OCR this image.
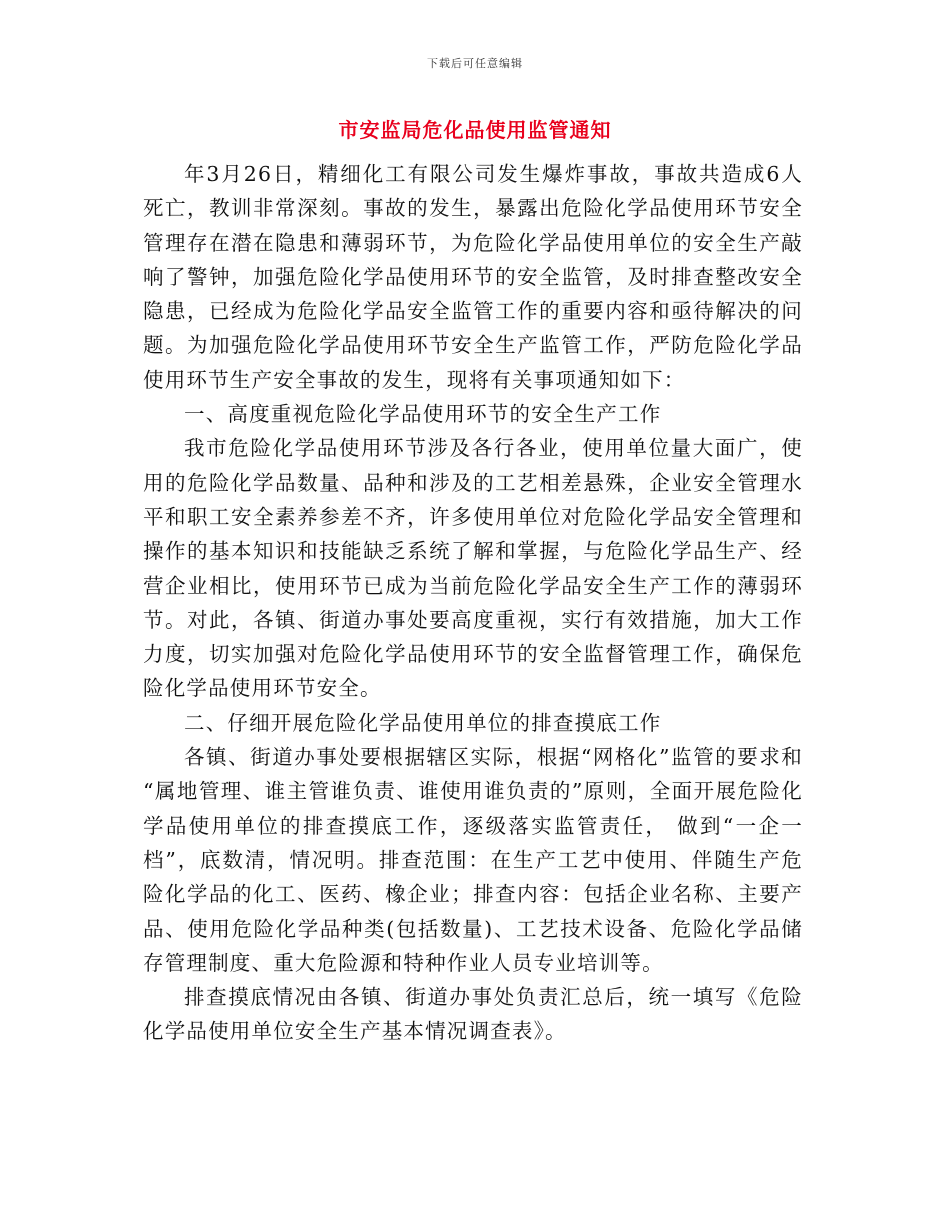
下载后可任意编辑
市安监局危化品使用监管通知

年3月26日，精细化工有限公司发生爆炸事故，事故共造成6人死亡，教训非常深刻。事故的发生，暴露出危险化学品使用环节安全管理存在潜在隐患和薄弱环节，为危险化学品使用单位的安全生产敲响了警钟，加强危险化学品使用环节的安全监管，及时排查整改安全隐患，已经成为危险化学品安全监管工作的重要内容和亟待解决的问题。为加强危险化学品使用环节安全生产监管工作，严防危险化学品使用环节生产安全事故的发生，现将有关事项通知如下：

一、高度重视危险化学品使用环节的安全生产工作

我市危险化学品使用环节涉及各行各业，使用单位量大面广，使用的危险化学品数量、品种和涉及的工艺相差悬殊，企业安全管理水平和职工安全素养参差不齐，许多使用单位对危险化学品安全管理和操作的基本知识和技能缺乏系统了解和掌握，与危险化学品生产、经营企业相比，使用环节已成为当前危险化学品安全生产工作的薄弱环节。对此，各镇、街道办事处要高度重视，实行有效措施，加大工作力度，切实加强对危险化学品使用环节的安全监督管理工作，确保危险化学品使用环节安全。

二、仔细开展危险化学品使用单位的排查摸底工作

各镇、街道办事处要根据辖区实际，根据“网格化”监管的要求和 “属地管理、谁主管谁负责、谁使用谁负责的”原则，全面开展危险化学品使用单位的排查摸底工作，逐级落实监管责任， 做到“一企一档”，底数清，情况明。排查范围：在生产工艺中使用、伴随生产危险化学品的化工、医药、橡企业；排查内容：包括企业名称、主要产品、使用危险化学品种类(包括数量)、工艺技术设备、危险化学品储存管理制度、重大危险源和特种作业人员专业培训等。

排查摸底情况由各镇、街道办事处负责汇总后，统一填写《危险化学品使用单位安全生产基本情况调查表》。
